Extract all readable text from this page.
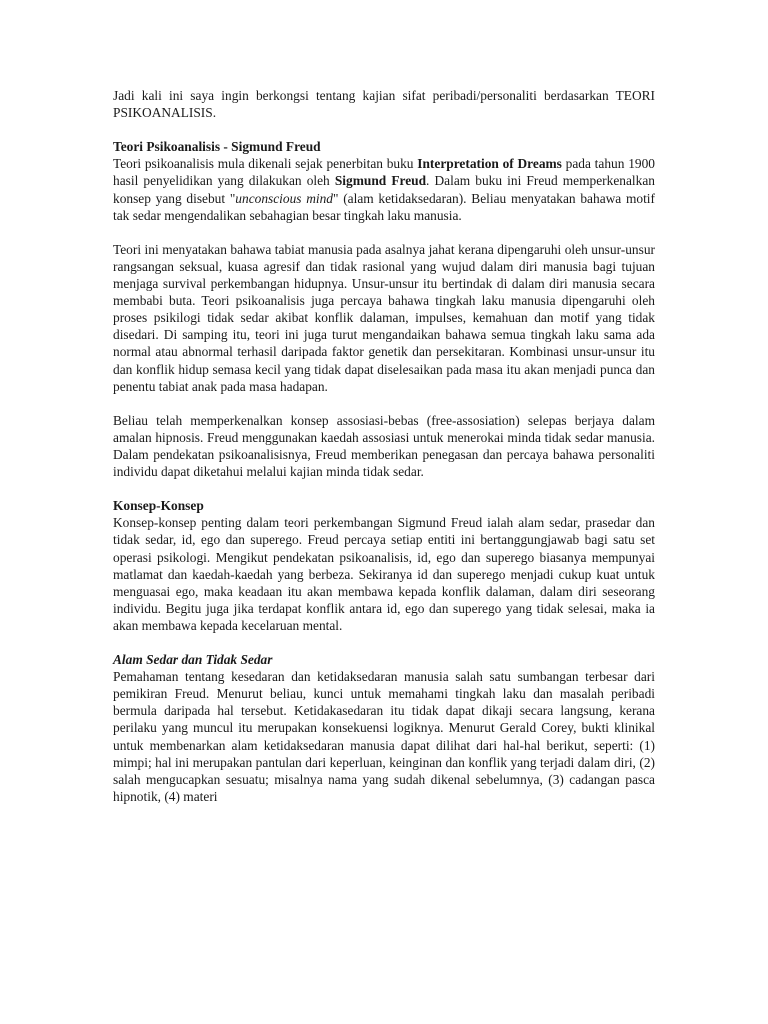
Jadi kali ini saya ingin berkongsi tentang kajian sifat peribadi/personaliti berdasarkan TEORI PSIKOANALISIS.

Teori Psikoanalisis - Sigmund Freud

Teori psikoanalisis mula dikenali sejak penerbitan buku Interpretation of Dreams pada tahun 1900 hasil penyelidikan yang dilakukan oleh Sigmund Freud. Dalam buku ini Freud memperkenalkan konsep yang disebut "unconscious mind" (alam ketidaksedaran). Beliau menyatakan bahawa motif tak sedar mengendalikan sebahagian besar tingkah laku manusia.

Teori ini menyatakan bahawa tabiat manusia pada asalnya jahat kerana dipengaruhi oleh unsur-unsur rangsangan seksual, kuasa agresif dan tidak rasional yang wujud dalam diri manusia bagi tujuan menjaga survival perkembangan hidupnya. Unsur-unsur itu bertindak di dalam diri manusia secara membabi buta. Teori psikoanalisis juga percaya bahawa tingkah laku manusia dipengaruhi oleh proses psikilogi tidak sedar akibat konflik dalaman, impulses, kemahuan dan motif yang tidak disedari. Di samping itu, teori ini juga turut mengandaikan bahawa semua tingkah laku sama ada normal atau abnormal terhasil daripada faktor genetik dan persekitaran. Kombinasi unsur-unsur itu dan konflik hidup semasa kecil yang tidak dapat diselesaikan pada masa itu akan menjadi punca dan penentu tabiat anak pada masa hadapan.

Beliau telah memperkenalkan konsep assosiasi-bebas (free-assosiation) selepas berjaya dalam amalan hipnosis. Freud menggunakan kaedah assosiasi untuk menerokai minda tidak sedar manusia. Dalam pendekatan psikoanalisisnya, Freud memberikan penegasan dan percaya bahawa personaliti individu dapat diketahui melalui kajian minda tidak sedar.

Konsep-Konsep

Konsep-konsep penting dalam teori perkembangan Sigmund Freud ialah alam sedar, prasedar dan tidak sedar, id, ego dan superego. Freud percaya setiap entiti ini bertanggungjawab bagi satu set operasi psikologi. Mengikut pendekatan psikoanalisis, id, ego dan superego biasanya mempunyai matlamat dan kaedah-kaedah yang berbeza. Sekiranya id dan superego menjadi cukup kuat untuk menguasai ego, maka keadaan itu akan membawa kepada konflik dalaman, dalam diri seseorang individu. Begitu juga jika terdapat konflik antara id, ego dan superego yang tidak selesai, maka ia akan membawa kepada kecelaruan mental.

Alam Sedar dan Tidak Sedar

Pemahaman tentang kesedaran dan ketidaksedaran manusia salah satu sumbangan terbesar dari pemikiran Freud. Menurut beliau, kunci untuk memahami tingkah laku dan masalah peribadi bermula daripada hal tersebut. Ketidakasedaran itu tidak dapat dikaji secara langsung, kerana perilaku yang muncul itu merupakan konsekuensi logiknya. Menurut Gerald Corey, bukti klinikal untuk membenarkan alam ketidaksedaran manusia dapat dilihat dari hal-hal berikut, seperti: (1) mimpi; hal ini merupakan pantulan dari keperluan, keinginan dan konflik yang terjadi dalam diri, (2) salah mengucapkan sesuatu; misalnya nama yang sudah dikenal sebelumnya, (3) cadangan pasca hipnotik, (4) materi
